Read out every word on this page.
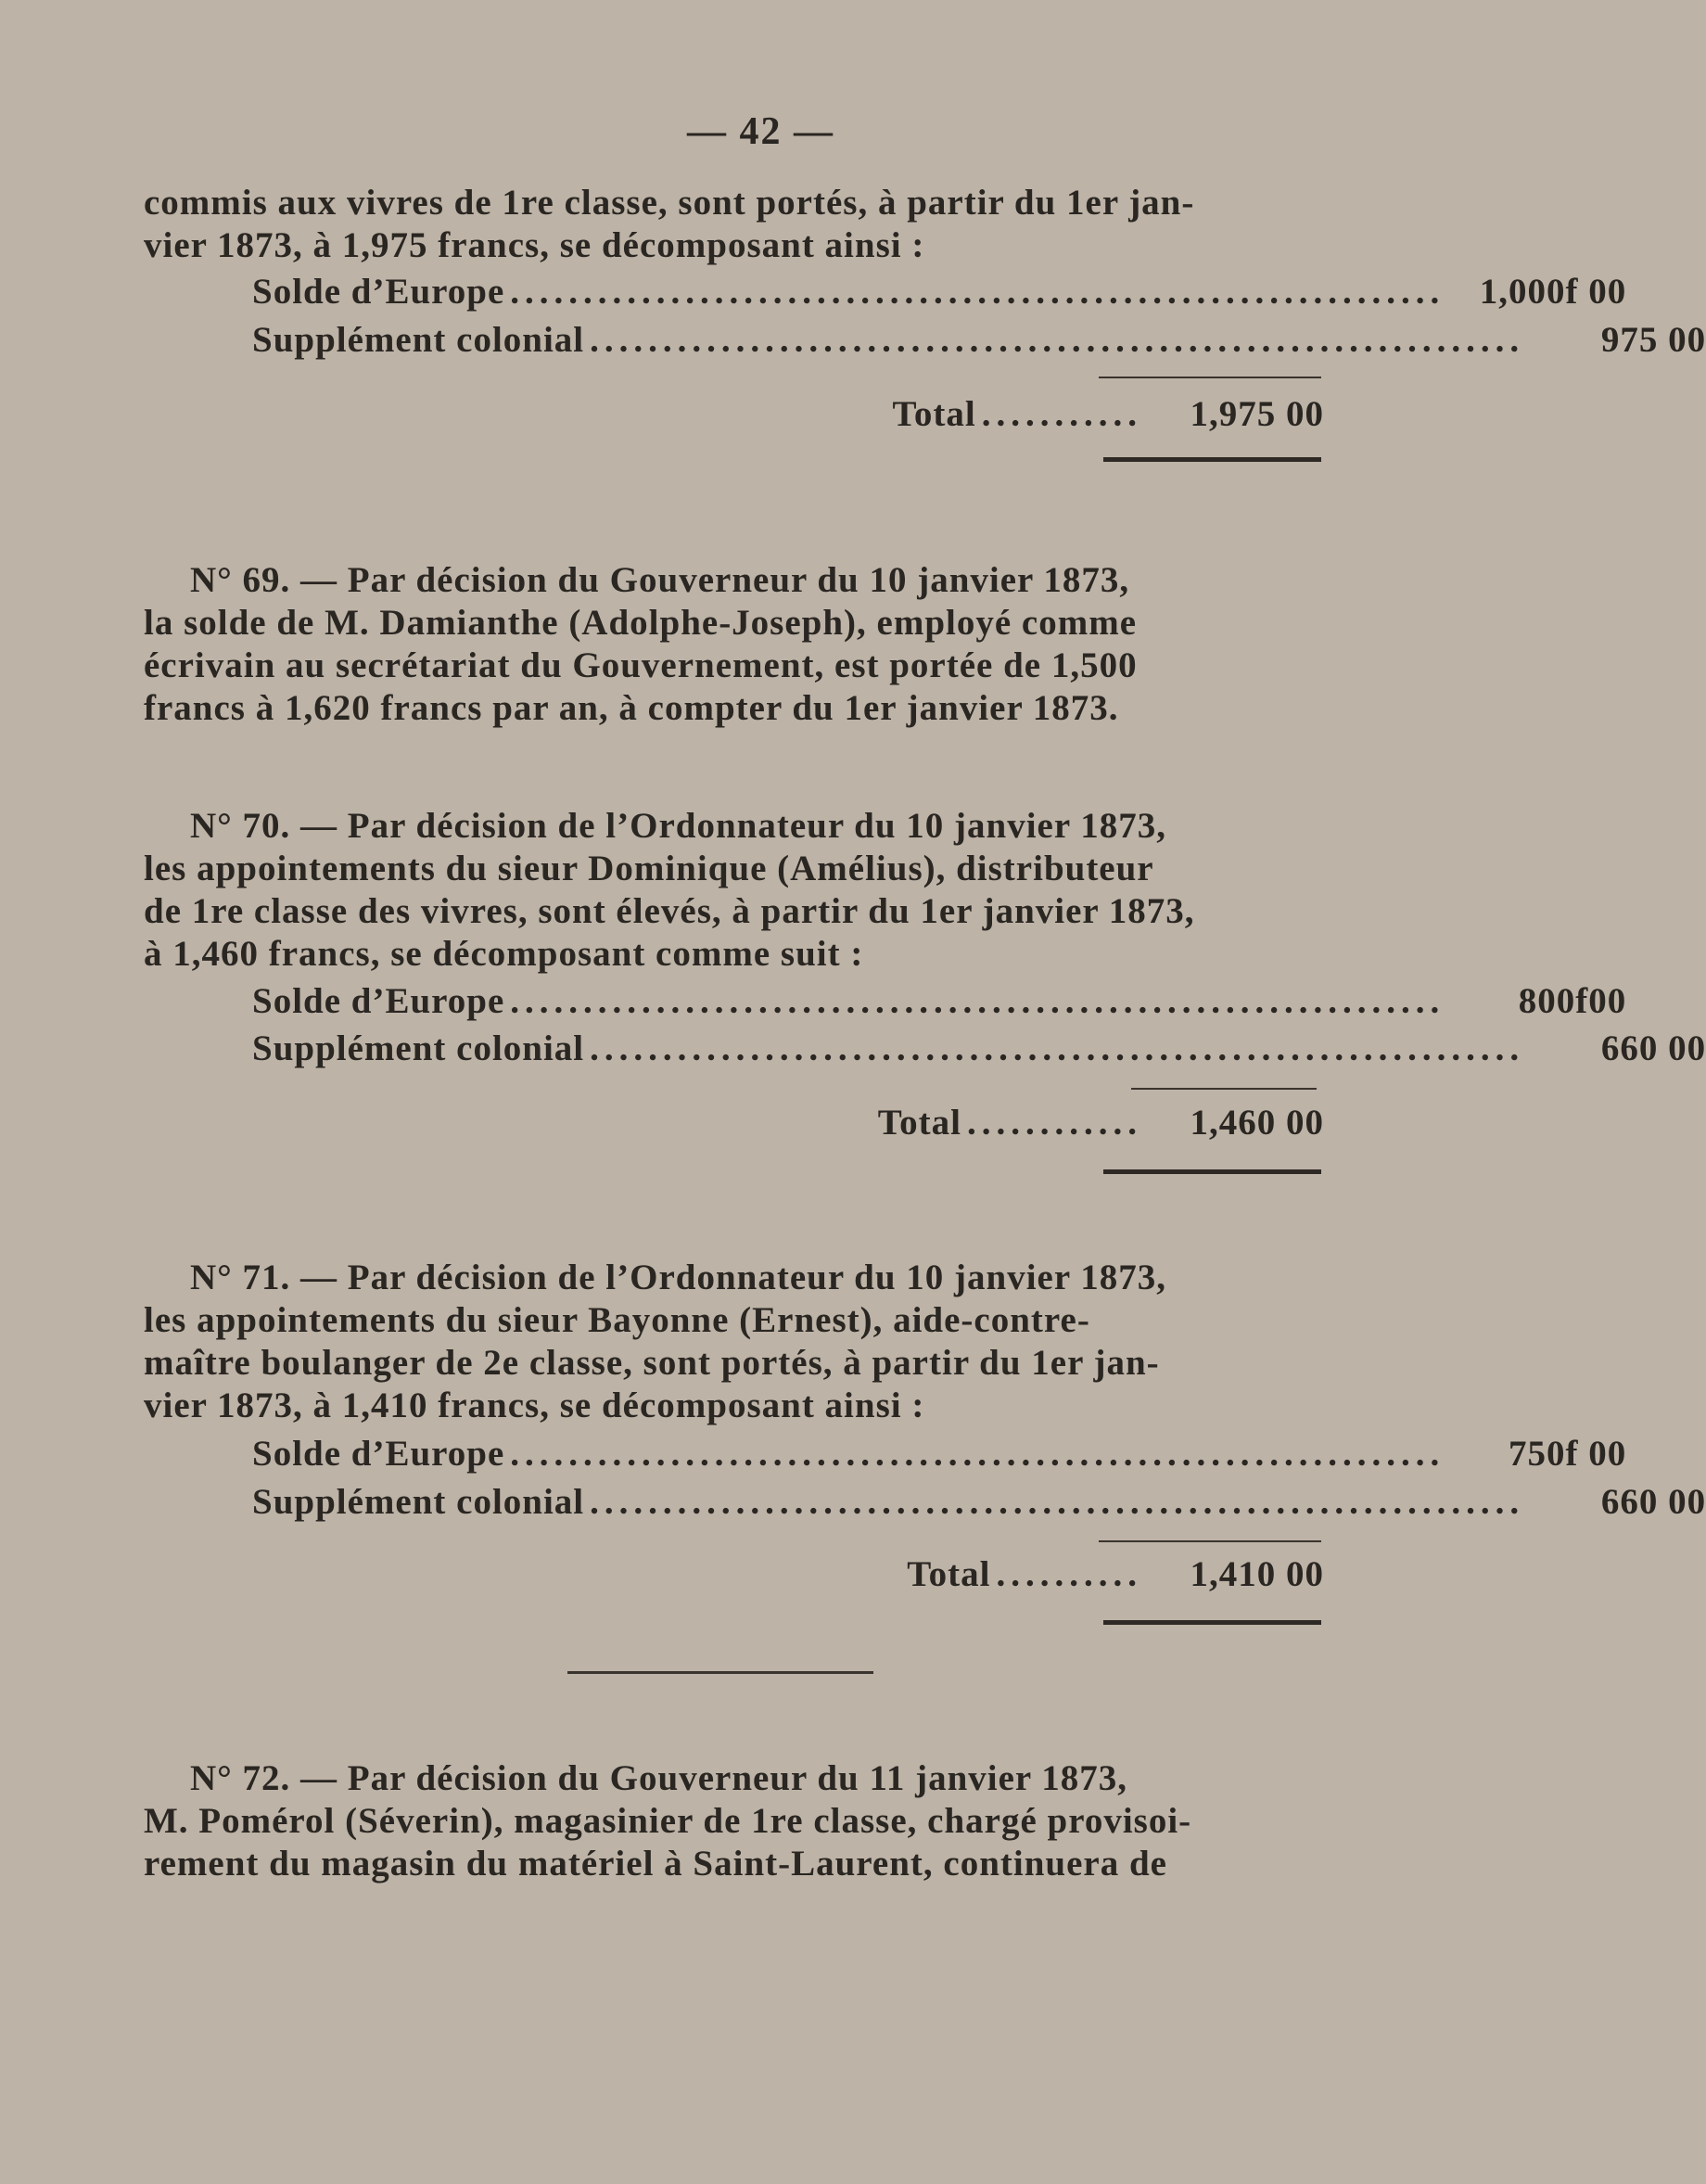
— 42 —
commis aux vivres de 1re classe, sont portés, à partir du 1er jan-
vier 1873, à 1,975 francs, se décomposant ainsi :
Solde d’Europe ................................................................ 1,000f 00
Supplément colonial ................................................................	975 00
Total ...........	1,975 00
N° 69. — Par décision du Gouverneur du 10 janvier 1873,
la solde de M. Damianthe (Adolphe-Joseph), employé comme
écrivain au secrétariat du Gouvernement, est portée de 1,500
francs à 1,620 francs par an, à compter du 1er janvier 1873.
N° 70. — Par décision de l’Ordonnateur du 10 janvier 1873,
les appointements du sieur Dominique (Amélius), distributeur
de 1re classe des vivres, sont élevés, à partir du 1er janvier 1873,
à 1,460 francs, se décomposant comme suit :
Solde d’Europe ................................................................	800f00
Supplément colonial ................................................................	660 00
Total ............	1,460 00
N° 71. — Par décision de l’Ordonnateur du 10 janvier 1873,
les appointements du sieur Bayonne (Ernest), aide-contre-
maître boulanger de 2e classe, sont portés, à partir du 1er jan-
vier 1873, à 1,410 francs, se décomposant ainsi :
Solde d’Europe ................................................................	750f 00
Supplément colonial ................................................................	660 00
Total ..........	1,410 00
N° 72. — Par décision du Gouverneur du 11 janvier 1873,
M. Pomérol (Séverin), magasinier de 1re classe, chargé provisoi-
rement du magasin du matériel à Saint-Laurent, continuera de
